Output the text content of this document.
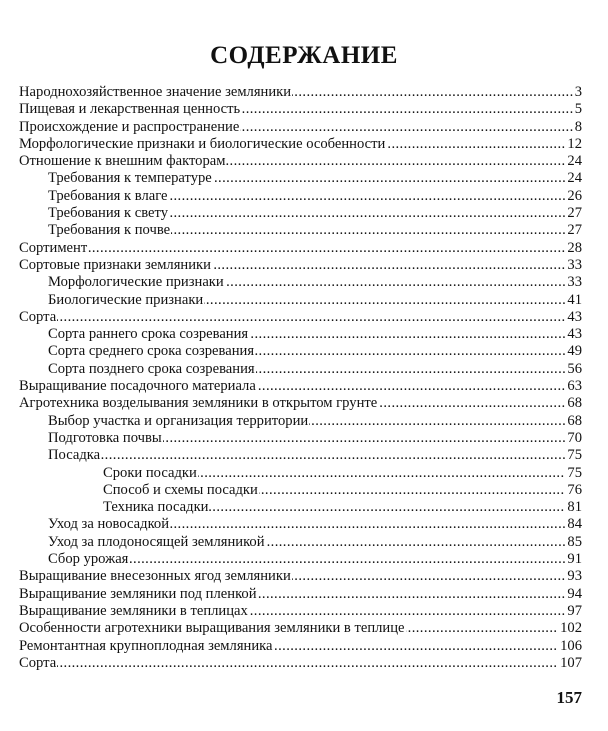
СОДЕРЖАНИЕ
.....
Народнохозяйственное значение земляники	3
.....
Пищевая и лекарственная ценность	5
.....
Происхождение и распространение	8
.....
Морфологические признаки и биологические особенности	12
.....
Отношение к внешним факторам	24
.....
Требования к температуре	24
.....
Требования к влаге	26
.....
Требования к свету	27
.....
Требования к почве	27
.....
Сортимент	28
.....
Сортовые признаки земляники	33
.....
Морфологические признаки	33
.....
Биологические признаки	41
.....
Сорта	43
.....
Сорта раннего срока созревания	43
.....
Сорта среднего срока созревания	49
.....
Сорта позднего срока созревания	56
.....
Выращивание посадочного материала	63
.....
Агротехника возделывания земляники в открытом грунте	68
.....
Выбор участка и организация территории	68
.....
Подготовка почвы	70
.....
Посадка	75
.....
Сроки посадки	75
.....
Способ и схемы посадки	76
.....
Техника посадки	81
.....
Уход за новосадкой	84
.....
Уход за плодоносящей земляникой	85
.....
Сбор урожая	91
.....
Выращивание внесезонных ягод земляники	93
.....
Выращивание земляники под пленкой	94
.....
Выращивание земляники в теплицах	97
.....
Особенности агротехники выращивания земляники в теплице	102
.....
Ремонтантная крупноплодная земляника	106
.....
Сорта	107
157
